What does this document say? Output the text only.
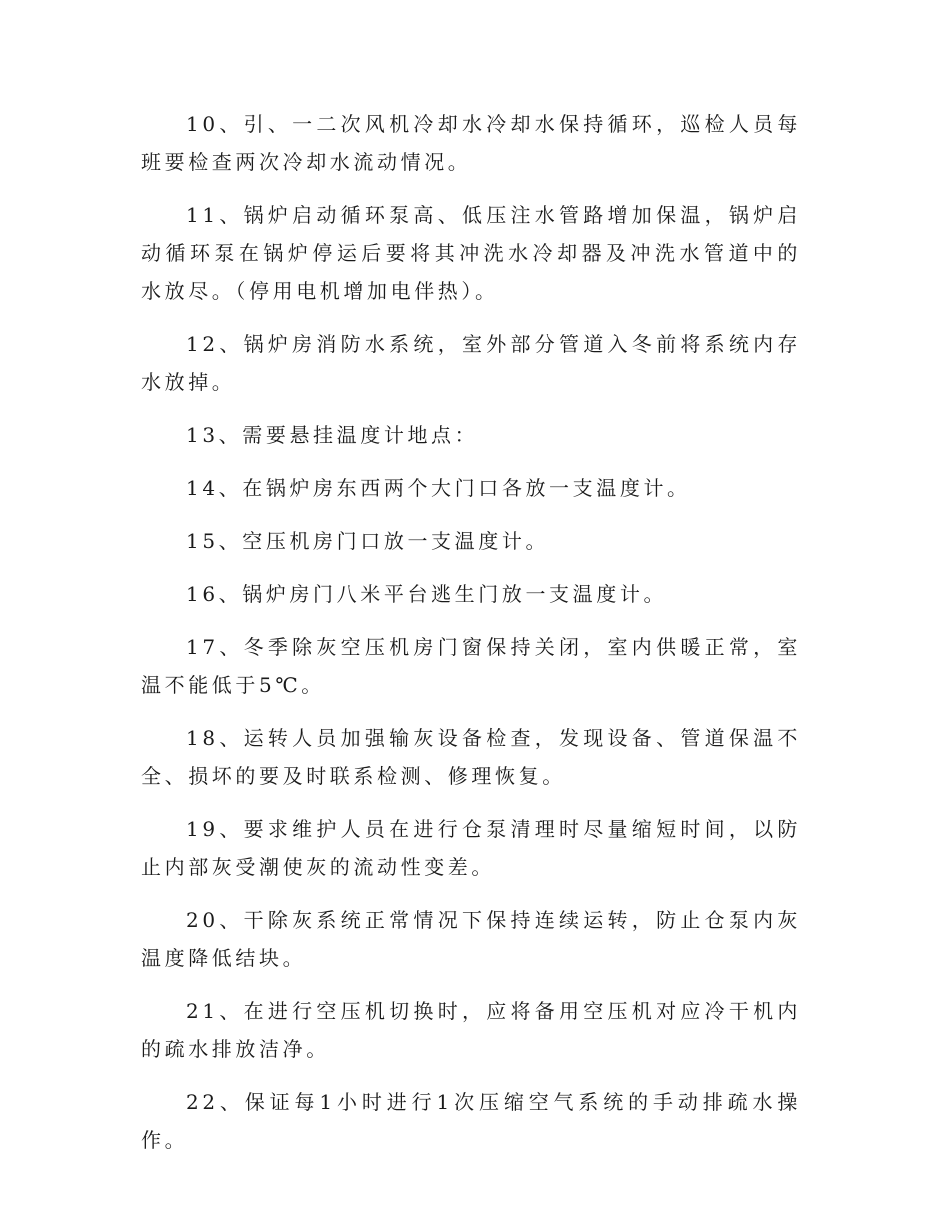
10、引、一二次风机冷却水冷却水保持循环，巡检人员每班要检查两次冷却水流动情况。

11、锅炉启动循环泵高、低压注水管路增加保温，锅炉启动循环泵在锅炉停运后要将其冲洗水冷却器及冲洗水管道中的水放尽。（停用电机增加电伴热）。

12、锅炉房消防水系统，室外部分管道入冬前将系统内存水放掉。

13、需要悬挂温度计地点：

14、在锅炉房东西两个大门口各放一支温度计。

15、空压机房门口放一支温度计。

16、锅炉房门八米平台逃生门放一支温度计。

17、冬季除灰空压机房门窗保持关闭，室内供暖正常，室温不能低于5℃。

18、运转人员加强输灰设备检查，发现设备、管道保温不全、损坏的要及时联系检测、修理恢复。

19、要求维护人员在进行仓泵清理时尽量缩短时间，以防止内部灰受潮使灰的流动性变差。

20、干除灰系统正常情况下保持连续运转，防止仓泵内灰温度降低结块。

21、在进行空压机切换时，应将备用空压机对应冷干机内的疏水排放洁净。

22、保证每1小时进行1次压缩空气系统的手动排疏水操作。
